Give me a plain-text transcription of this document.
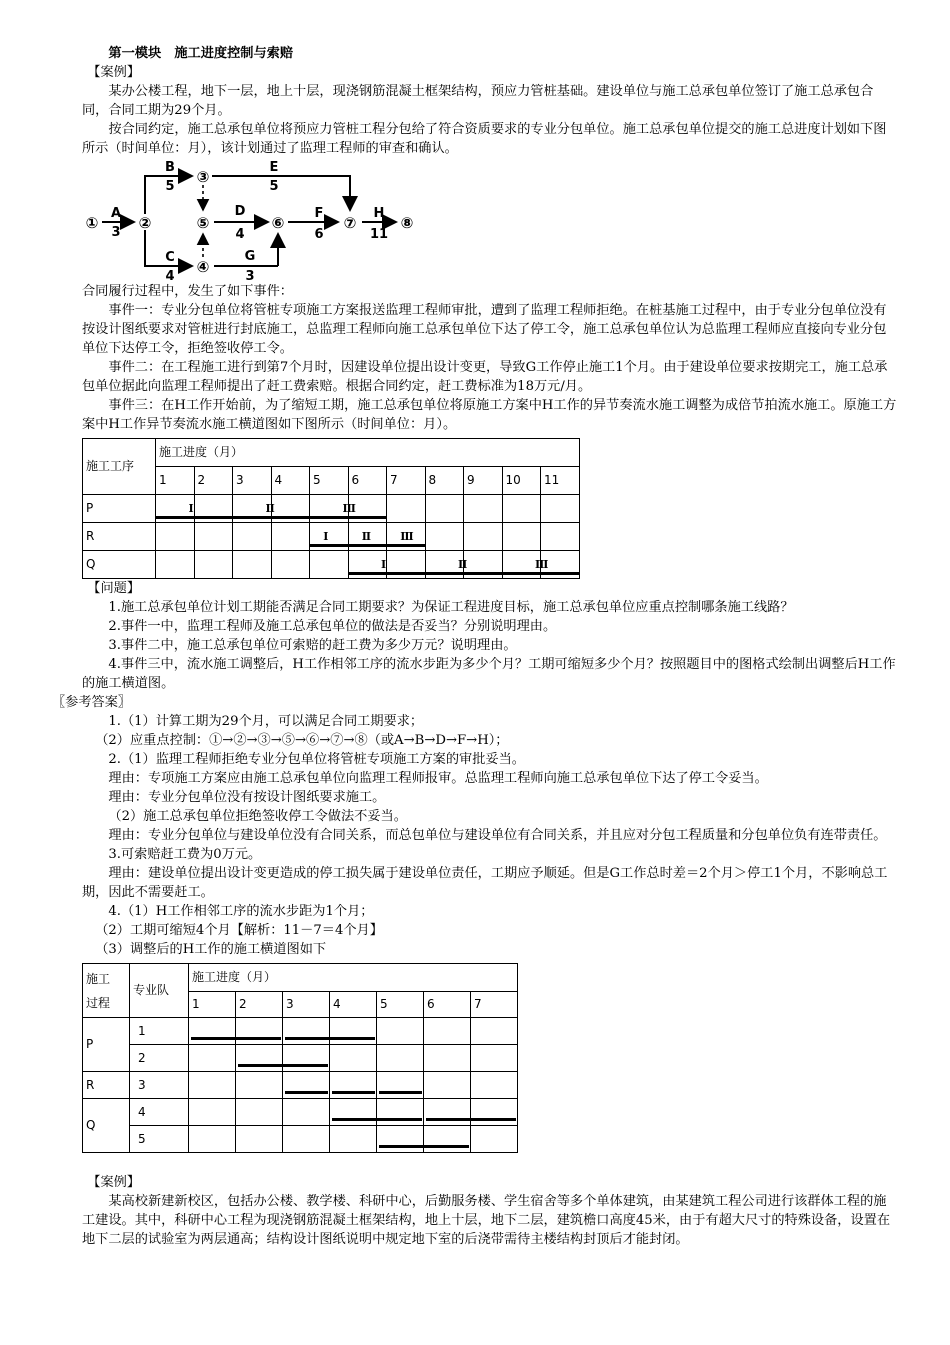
第一模块　施工进度控制与索赔

【案例】

某办公楼工程，地下一层，地上十层，现浇钢筋混凝土框架结构，预应力管桩基础。建设单位与施工总承包单位签订了施工总承包合同，合同工期为29个月。

按合同约定，施工总承包单位将预应力管桩工程分包给了符合资质要求的专业分包单位。施工总承包单位提交的施工总进度计划如下图所示（时间单位：月），该计划通过了监理工程师的审查和确认。

①	②
③
⑤	⑥	⑦	⑧
④
A
3
B
5
E
5
D
4
F
6
H
11
C
4
G
3

合同履行过程中，发生了如下事件：

事件一：专业分包单位将管桩专项施工方案报送监理工程师审批，遭到了监理工程师拒绝。在桩基施工过程中，由于专业分包单位没有按设计图纸要求对管桩进行封底施工，总监理工程师向施工总承包单位下达了停工令，施工总承包单位认为总监理工程师应直接向专业分包单位下达停工令，拒绝签收停工令。

事件二：在工程施工进行到第7个月时，因建设单位提出设计变更，导致G工作停止施工1个月。由于建设单位要求按期完工，施工总承包单位据此向监理工程师提出了赶工费索赔。根据合同约定，赶工费标准为18万元/月。

事件三：在H工作开始前，为了缩短工期，施工总承包单位将原施工方案中H工作的异节奏流水施工调整为成倍节拍流水施工。原施工方案中H工作异节奏流水施工横道图如下图所示（时间单位：月）。

施工工序	施工进度（月）										
	1	2	3	4	5	6	7	8	9	10	11
P	Ⅰ		Ⅱ		Ⅲ						

R					Ⅰ	Ⅱ	Ⅲ				

Q						Ⅰ		Ⅱ		Ⅲ	

【问题】

1.施工总承包单位计划工期能否满足合同工期要求？为保证工程进度目标，施工总承包单位应重点控制哪条施工线路？

2.事件一中，监理工程师及施工总承包单位的做法是否妥当？分别说明理由。

3.事件二中，施工总承包单位可索赔的赶工费为多少万元？说明理由。

4.事件三中，流水施工调整后，H工作相邻工序的流水步距为多少个月？工期可缩短多少个月？按照题目中的图格式绘制出调整后H工作的施工横道图。

〖参考答案〗

1.（1）计算工期为29个月，可以满足合同工期要求；

（2）应重点控制：①→②→③→⑤→⑥→⑦→⑧（或A→B→D→F→H）；

2.（1）监理工程师拒绝专业分包单位将管桩专项施工方案的审批妥当。

理由：专项施工方案应由施工总承包单位向监理工程师报审。总监理工程师向施工总承包单位下达了停工令妥当。

理由：专业分包单位没有按设计图纸要求施工。

（2）施工总承包单位拒绝签收停工令做法不妥当。

理由：专业分包单位与建设单位没有合同关系，而总包单位与建设单位有合同关系，并且应对分包工程质量和分包单位负有连带责任。

3.可索赔赶工费为0万元。

理由：建设单位提出设计变更造成的停工损失属于建设单位责任，工期应予顺延。但是G工作总时差＝2个月＞停工1个月，不影响总工期，因此不需要赶工。

4.（1）H工作相邻工序的流水步距为1个月；

（2）工期可缩短4个月【解析：11－7＝4个月】

（3）调整后的H工作的施工横道图如下

施工
过程	专业队	施工进度（月）						
		1	2	3	4	5	6	7
P	1	

	2		

R	3			

Q	4				

	5					

【案例】

某高校新建新校区，包括办公楼、教学楼、科研中心，后勤服务楼、学生宿舍等多个单体建筑，由某建筑工程公司进行该群体工程的施工建设。其中，科研中心工程为现浇钢筋混凝土框架结构，地上十层，地下二层，建筑檐口高度45米，由于有超大尺寸的特殊设备，设置在地下二层的试验室为两层通高；结构设计图纸说明中规定地下室的后浇带需待主楼结构封顶后才能封闭。
